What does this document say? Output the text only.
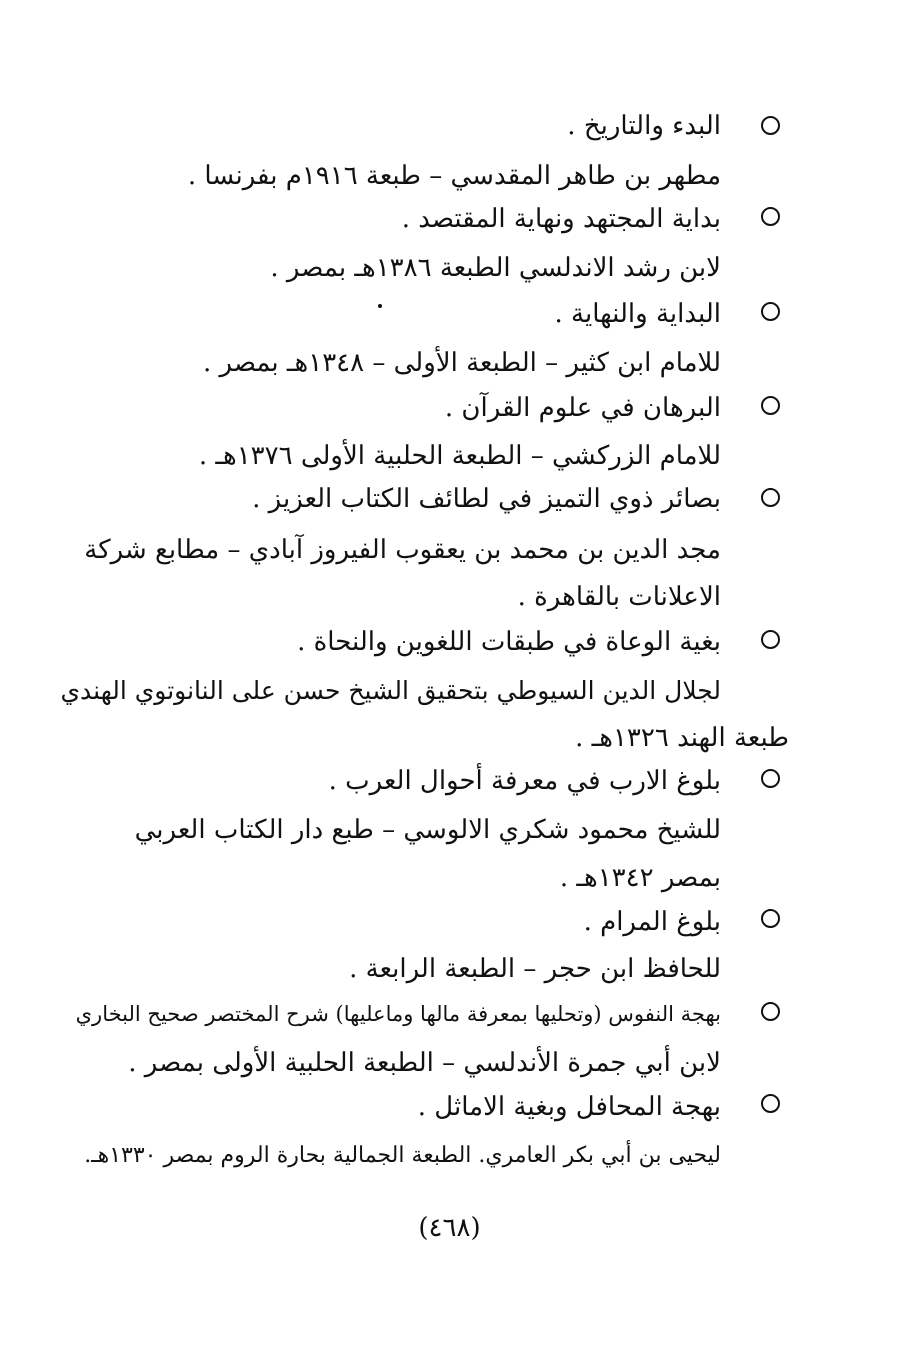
البدء والتاريخ .
مطهر بن طاهر المقدسي – طبعة ١٩١٦م بفرنسا .
بداية المجتهد ونهاية المقتصد .
لابن رشد الاندلسي الطبعة ١٣٨٦هـ بمصر .
البداية والنهاية .
للامام ابن كثير – الطبعة الأولى – ١٣٤٨هـ بمصر .
البرهان في علوم القرآن .
للامام الزركشي – الطبعة الحلبية الأولى ١٣٧٦هـ .
بصائر ذوي التميز في لطائف الكتاب العزيز .
مجد الدين بن محمد بن يعقوب الفيروز آبادي – مطابع شركة
الاعلانات بالقاهرة .
بغية الوعاة في طبقات اللغوين والنحاة .
لجلال الدين السيوطي بتحقيق الشيخ حسن على النانوتوي الهندي
طبعة الهند ١٣٢٦هـ .
بلوغ الارب في معرفة أحوال العرب .
للشيخ محمود شكري الالوسي – طبع دار الكتاب العربي
بمصر ١٣٤٢هـ .
بلوغ المرام .
للحافظ ابن حجر – الطبعة الرابعة .
بهجة النفوس (وتحليها بمعرفة مالها وماعليها) شرح المختصر صحيح البخاري
لابن أبي جمرة الأندلسي – الطبعة الحلبية الأولى بمصر .
بهجة المحافل وبغية الاماثل .
ليحيى بن أبي بكر العامري. الطبعة الجمالية بحارة الروم بمصر ١٣٣٠هـ.
(٤٦٨)
